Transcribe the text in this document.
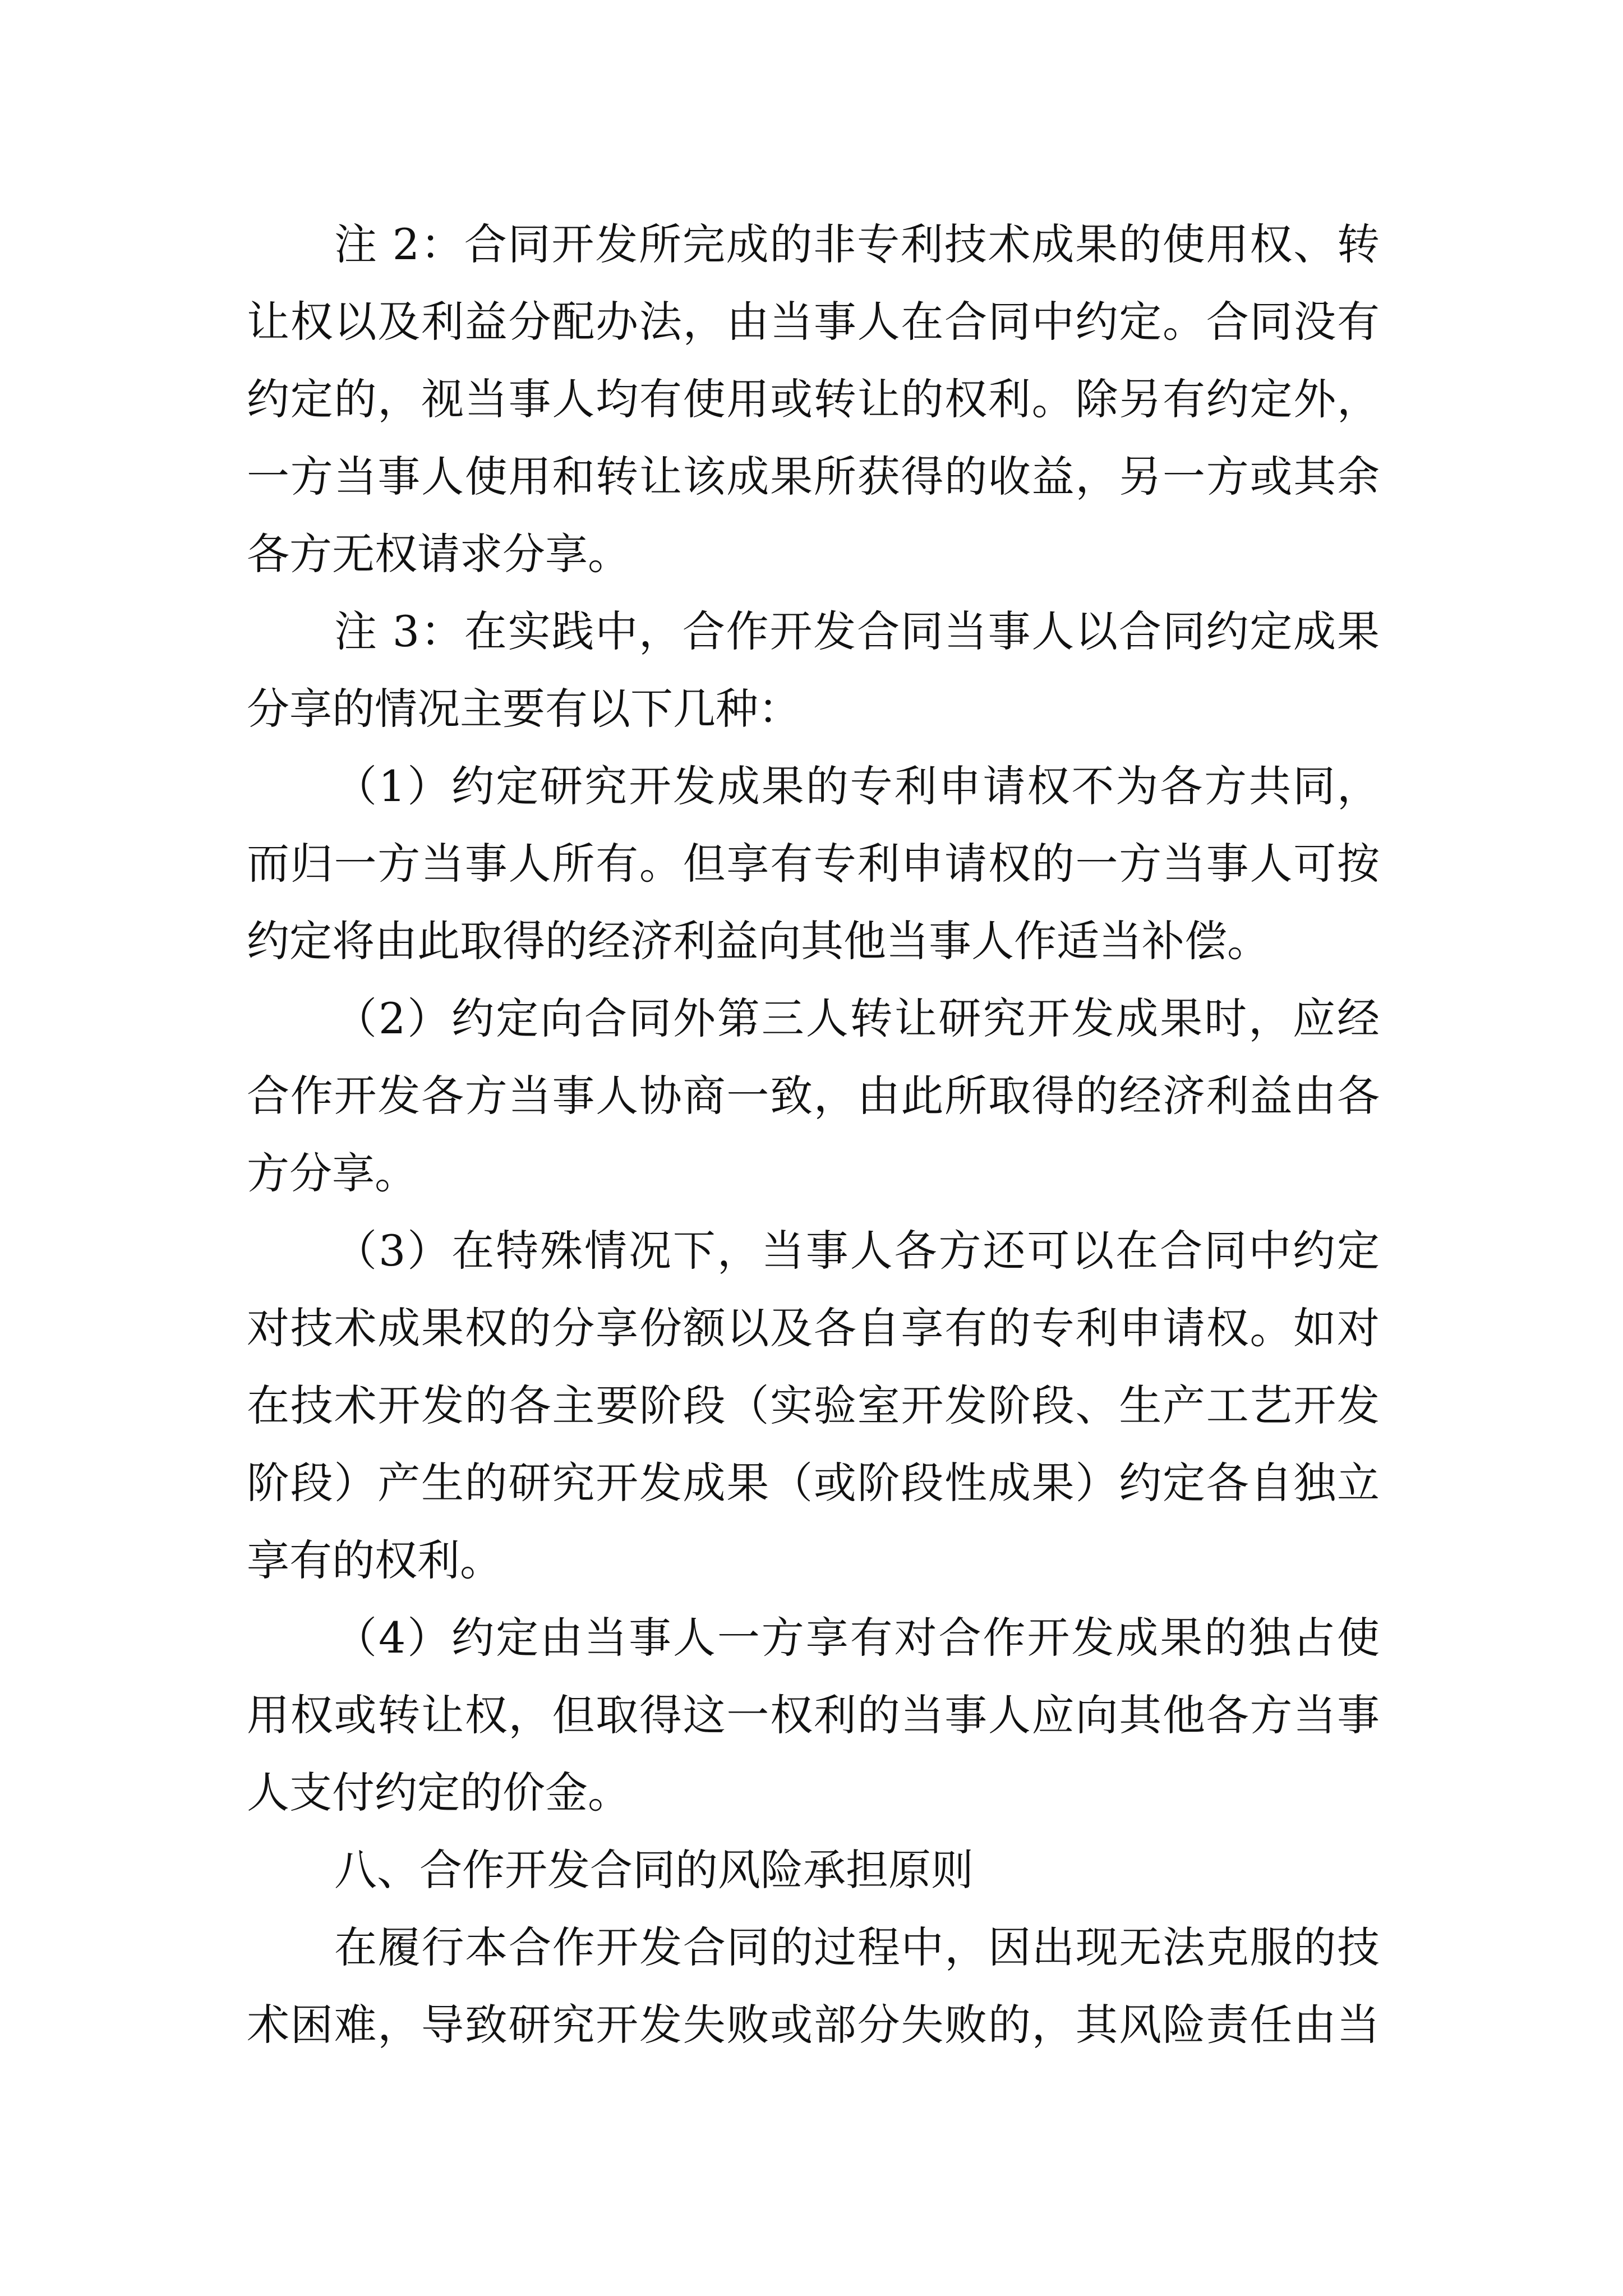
注 2：合同开发所完成的非专利技术成果的使用权、转
让权以及利益分配办法，由当事人在合同中约定。合同没有
约定的，视当事人均有使用或转让的权利。除另有约定外，
一方当事人使用和转让该成果所获得的收益，另一方或其余
各方无权请求分享。
注 3：在实践中，合作开发合同当事人以合同约定成果
分享的情况主要有以下几种：
（1）约定研究开发成果的专利申请权不为各方共同，
而归一方当事人所有。但享有专利申请权的一方当事人可按
约定将由此取得的经济利益向其他当事人作适当补偿。
（2）约定向合同外第三人转让研究开发成果时，应经
合作开发各方当事人协商一致，由此所取得的经济利益由各
方分享。
（3）在特殊情况下，当事人各方还可以在合同中约定
对技术成果权的分享份额以及各自享有的专利申请权。如对
在技术开发的各主要阶段（实验室开发阶段、生产工艺开发
阶段）产生的研究开发成果（或阶段性成果）约定各自独立
享有的权利。
（4）约定由当事人一方享有对合作开发成果的独占使
用权或转让权，但取得这一权利的当事人应向其他各方当事
人支付约定的价金。
八、合作开发合同的风险承担原则
在履行本合作开发合同的过程中，因出现无法克服的技
术困难，导致研究开发失败或部分失败的，其风险责任由当
